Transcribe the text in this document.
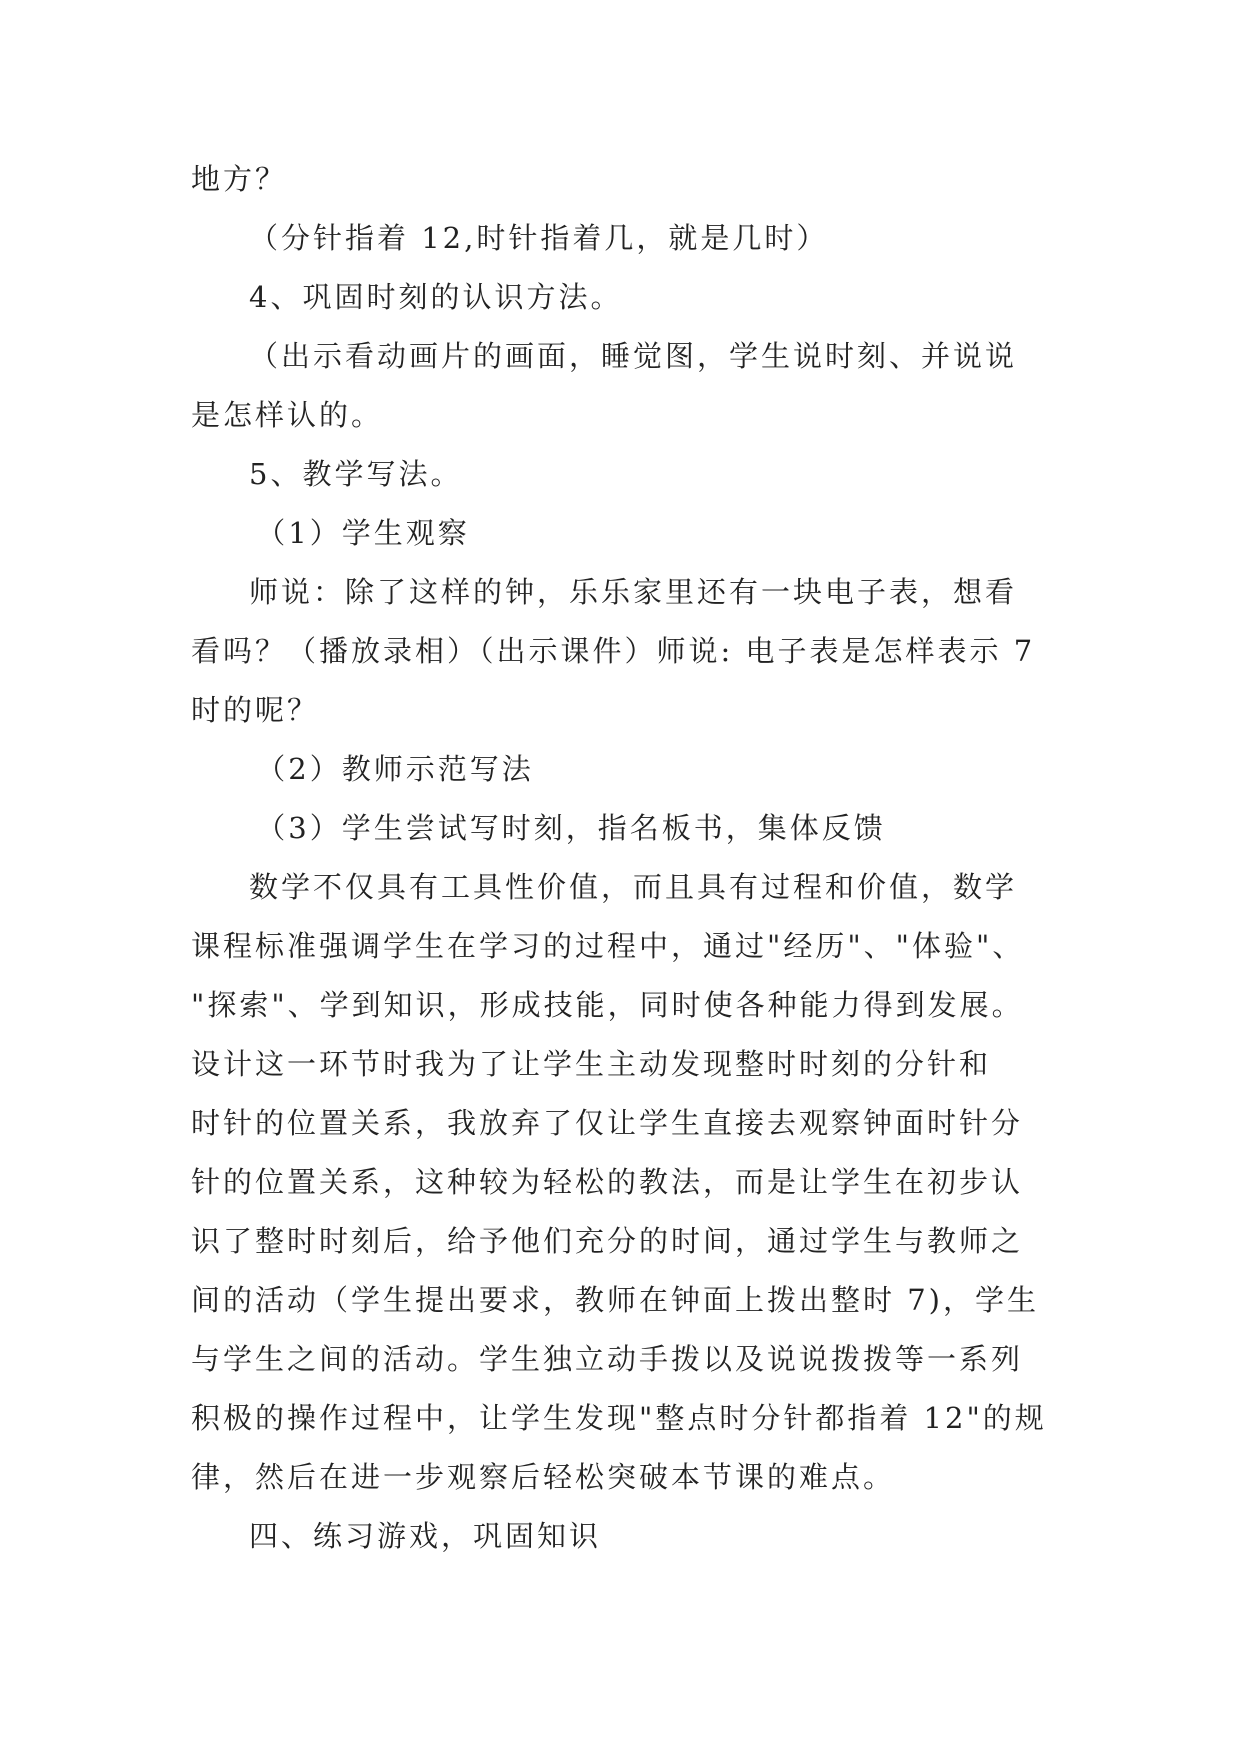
地方？
（分针指着 12,时针指着几，就是几时）
4、巩固时刻的认识方法。
（出示看动画片的画面，睡觉图，学生说时刻、并说说
是怎样认的。
5、教学写法。
（1）学生观察
师说：除了这样的钟，乐乐家里还有一块电子表，想看
看吗？（播放录相）（出示课件）师说: 电子表是怎样表示 7
时的呢？
（2）教师示范写法
（3）学生尝试写时刻，指名板书，集体反馈
数学不仅具有工具性价值，而且具有过程和价值，数学
课程标准强调学生在学习的过程中，通过"经历"、"体验"、
"探索"、学到知识，形成技能，同时使各种能力得到发展。
设计这一环节时我为了让学生主动发现整时时刻的分针和
时针的位置关系，我放弃了仅让学生直接去观察钟面时针分
针的位置关系，这种较为轻松的教法，而是让学生在初步认
识了整时时刻后，给予他们充分的时间，通过学生与教师之
间的活动（学生提出要求，教师在钟面上拨出整时 7)，学生
与学生之间的活动。学生独立动手拨以及说说拨拨等一系列
积极的操作过程中，让学生发现"整点时分针都指着 12"的规
律，然后在进一步观察后轻松突破本节课的难点。
四、练习游戏，巩固知识
